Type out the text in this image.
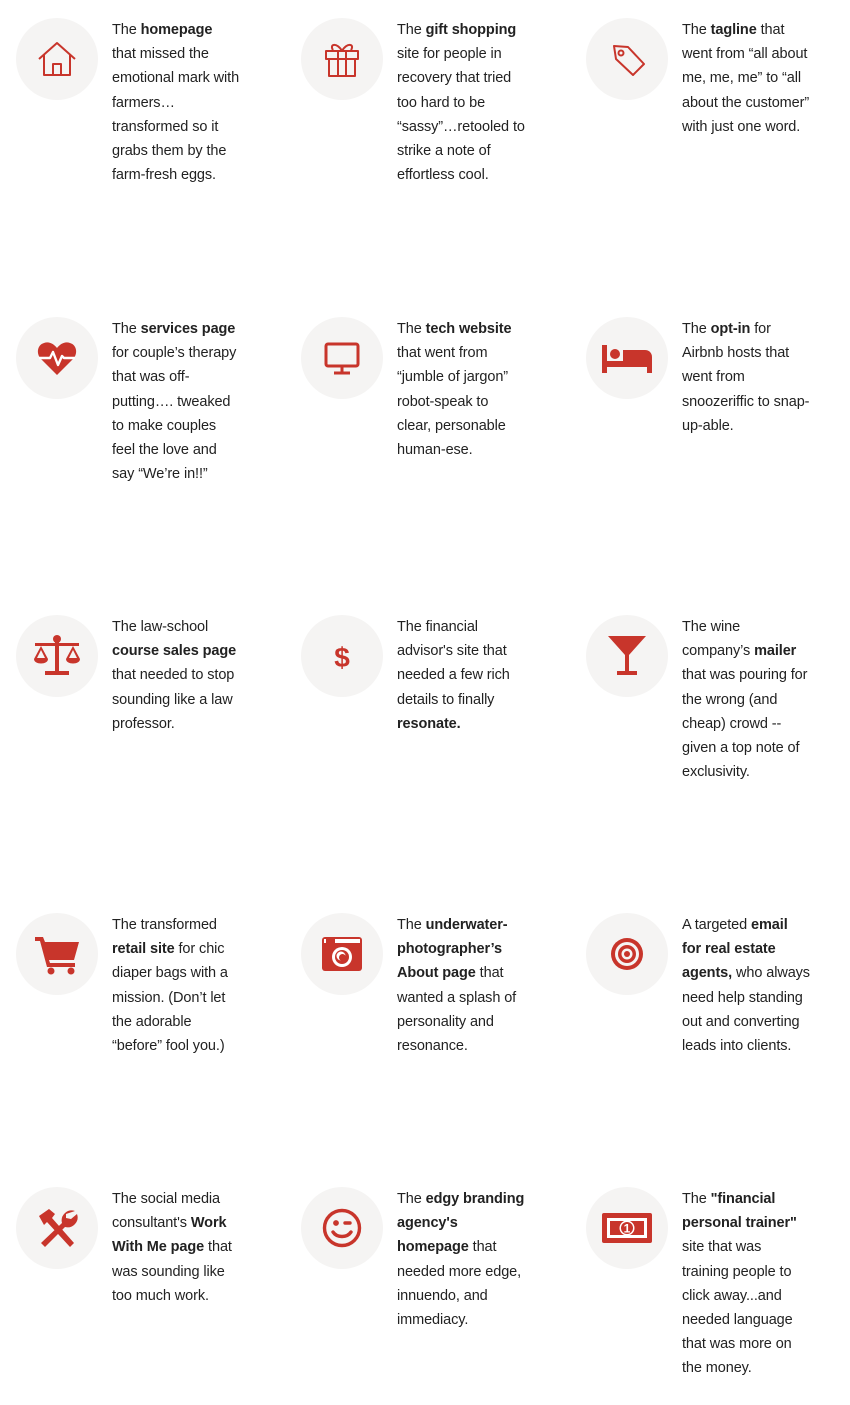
The homepage that missed the emotional mark with farmers… transformed so it grabs them by the farm-fresh eggs.
The gift shopping site for people in recovery that tried too hard to be “sassy”…retooled to strike a note of effortless cool.
The tagline that went from “all about me, me, me” to “all about the customer” with just one word.
The services page for couple’s therapy that was off-putting…. tweaked to make couples feel the love and say “We’re in!!”
The tech website that went from “jumble of jargon” robot-speak to clear, personable human-ese.
The opt-in for Airbnb hosts that went from snoozeriffic to snap-up-able.
The law-school course sales page that needed to stop sounding like a law professor.
$
The financial advisor's site that needed a few rich details to finally resonate.
The wine company’s mailer that was pouring for the wrong (and cheap) crowd -- given a top note of exclusivity.
The transformed retail site for chic diaper bags with a mission. (Don’t let the adorable “before” fool you.)
The underwater-photographer’s About page that wanted a splash of personality and resonance.
A targeted email for real estate agents, who always need help standing out and converting leads into clients.
The social media consultant's Work With Me page that was sounding like too much work.
The edgy branding agency's homepage that needed more edge, innuendo, and immediacy.
1
The "financial personal trainer" site that was training people to click away...and needed language that was more on the money.
